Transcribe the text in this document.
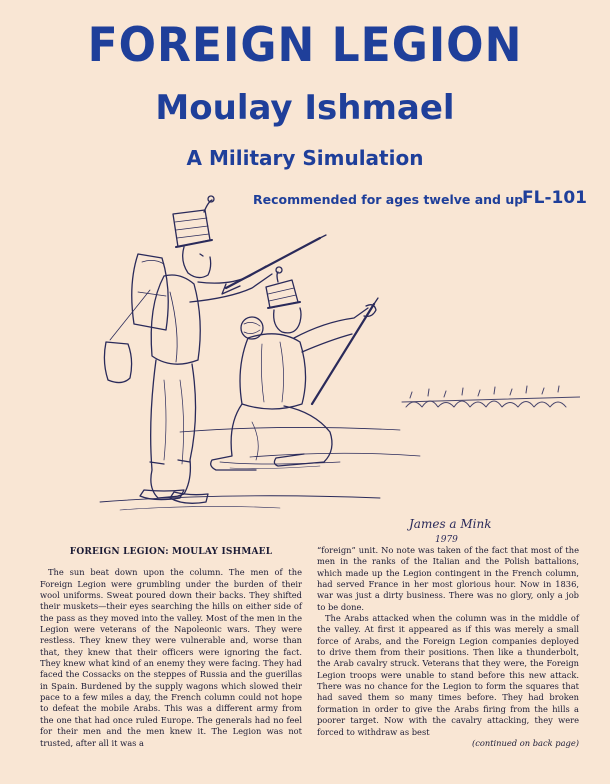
FOREIGN LEGION
Moulay Ishmael
A Military Simulation
Recommended for ages twelve and up
FL-101
James a Mink
1979
FOREIGN LEGION: MOULAY ISHMAEL

The sun beat down upon the column. The men of the Foreign Legion were grumbling under the burden of their wool uniforms. Sweat poured down their backs. They shifted their muskets—their eyes searching the hills on either side of the pass as they moved into the valley. Most of the men in the Legion were veterans of the Napoleonic wars. They were restless. They knew they were vulnerable and, worse than that, they knew that their officers were ignoring the fact. They knew what kind of an enemy they were facing. They had faced the Cossacks on the steppes of Russia and the guerillas in Spain. Burdened by the supply wagons which slowed their pace to a few miles a day, the French column could not hope to defeat the mobile Arabs. This was a different army from the one that had once ruled Europe. The generals had no feel for their men and the men knew it. The Legion was not trusted, after all it was a

“foreign” unit. No note was taken of the fact that most of the men in the ranks of the Italian and the Polish battalions, which made up the Legion contingent in the French column, had served France in her most glorious hour. Now in 1836, war was just a dirty business. There was no glory, only a job to be done.

The Arabs attacked when the column was in the middle of the valley. At first it appeared as if this was merely a small force of Arabs, and the Foreign Legion companies deployed to drive them from their positions. Then like a thunderbolt, the Arab cavalry struck. Veterans that they were, the Foreign Legion troops were unable to stand before this new attack. There was no chance for the Legion to form the squares that had saved them so many times before. They had broken formation in order to give the Arabs firing from the hills a poorer target. Now with the cavalry attacking, they were forced to withdraw as best

(continued on back page)
